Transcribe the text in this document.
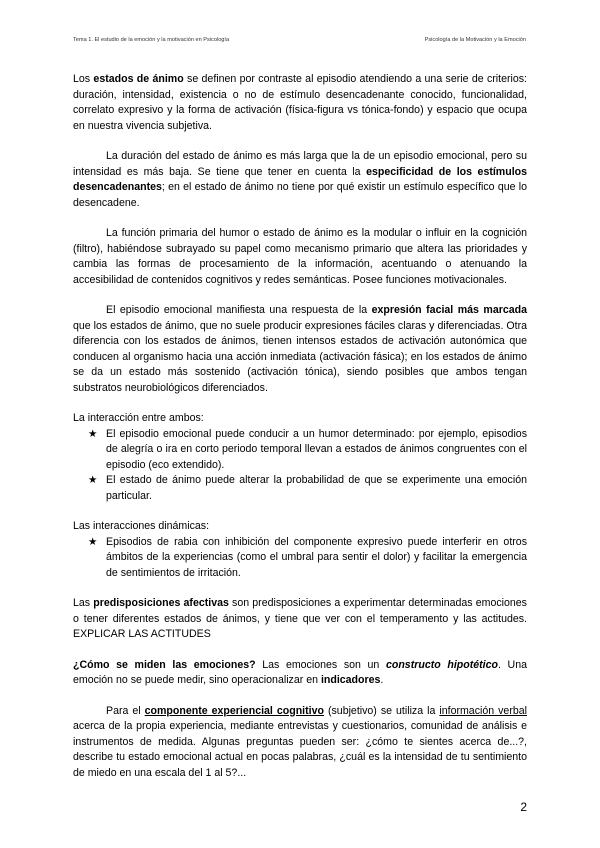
Tema 1. El estudio de la emoción y la motivación en Psicología	Psicología de la Motivación y la Emoción

Los estados de ánimo se definen por contraste al episodio atendiendo a una serie de criterios: duración, intensidad, existencia o no de estímulo desencadenante conocido, funcionalidad, correlato expresivo y la forma de activación (física-figura vs tónica-fondo) y espacio que ocupa en nuestra vivencia subjetiva.

La duración del estado de ánimo es más larga que la de un episodio emocional, pero su intensidad es más baja. Se tiene que tener en cuenta la especificidad de los estímulos desencadenantes; en el estado de ánimo no tiene por qué existir un estímulo específico que lo desencadene.

La función primaria del humor o estado de ánimo es la modular o influir en la cognición (filtro), habiéndose subrayado su papel como mecanismo primario que altera las prioridades y cambia las formas de procesamiento de la información, acentuando o atenuando la accesibilidad de contenidos cognitivos y redes semánticas. Posee funciones motivacionales.

El episodio emocional manifiesta una respuesta de la expresión facial más marcada que los estados de ánimo, que no suele producir expresiones fáciles claras y diferenciadas. Otra diferencia con los estados de ánimos, tienen intensos estados de activación autonómica que conducen al organismo hacia una acción inmediata (activación fásica); en los estados de ánimo se da un estado más sostenido (activación tónica), siendo posibles que ambos tengan substratos neurobiológicos diferenciados.

La interacción entre ambos:
★ El episodio emocional puede conducir a un humor determinado: por ejemplo, episodios de alegría o ira en corto periodo temporal llevan a estados de ánimos congruentes con el episodio (eco extendido).
★ El estado de ánimo puede alterar la probabilidad de que se experimente una emoción particular.
Las interacciones dinámicas:
★ Episodios de rabia con inhibición del componente expresivo puede interferir en otros ámbitos de la experiencias (como el umbral para sentir el dolor) y facilitar la emergencia de sentimientos de irritación.

Las predisposiciones afectivas son predisposiciones a experimentar determinadas emociones o tener diferentes estados de ánimos, y tiene que ver con el temperamento y las actitudes. EXPLICAR LAS ACTITUDES

¿Cómo se miden las emociones? Las emociones son un constructo hipotético. Una emoción no se puede medir, sino operacionalizar en indicadores.

Para el componente experiencial cognitivo (subjetivo) se utiliza la información verbal acerca de la propia experiencia, mediante entrevistas y cuestionarios, comunidad de análisis e instrumentos de medida. Algunas preguntas pueden ser: ¿cómo te sientes acerca de...?, describe tu estado emocional actual en pocas palabras, ¿cuál es la intensidad de tu sentimiento de miedo en una escala del 1 al 5?...

2
